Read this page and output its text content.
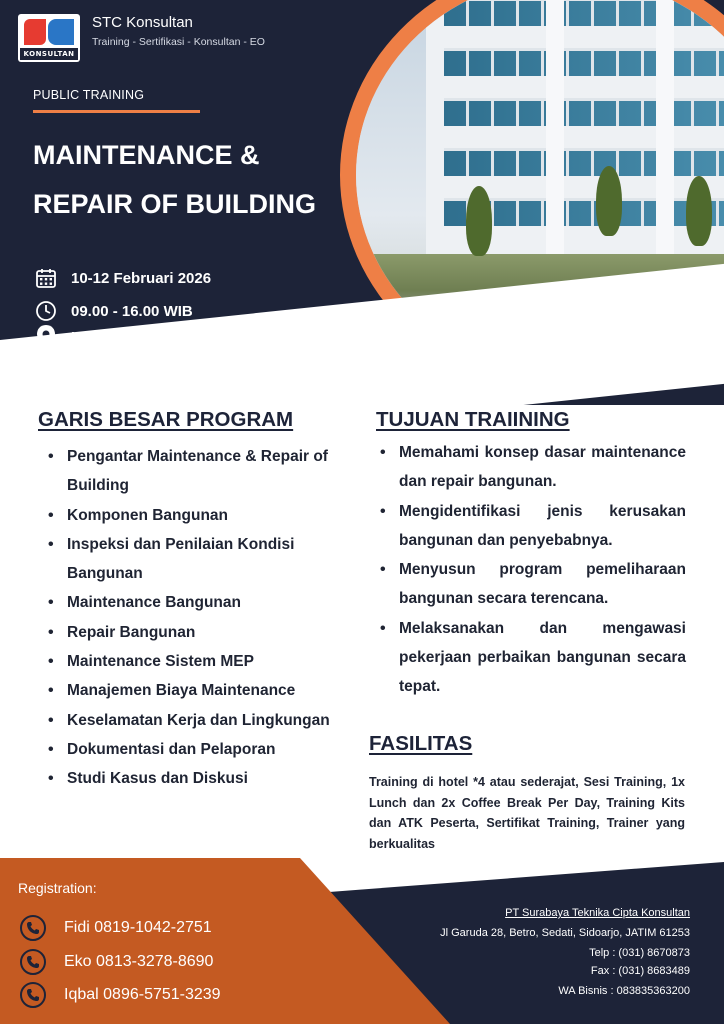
KONSULTAN
STC Konsultan
Training - Sertifikasi - Konsultan - EO
PUBLIC TRAINING
MAINTENANCE &
REPAIR OF BUILDING
10-12 Februari 2026
09.00 - 16.00 WIB
GARIS BESAR PROGRAM
• Pengantar Maintenance & Repair of Building
• Komponen Bangunan
• Inspeksi dan Penilaian Kondisi Bangunan
• Maintenance Bangunan
• Repair Bangunan
• Maintenance Sistem MEP
• Manajemen Biaya Maintenance
• Keselamatan Kerja dan Lingkungan
• Dokumentasi dan Pelaporan
• Studi Kasus dan Diskusi
TUJUAN TRAIINING
• Memahami konsep dasar maintenance dan repair bangunan.
• Mengidentifikasi jenis kerusakan bangunan dan penyebabnya.
• Menyusun program pemeliharaan bangunan secara terencana.
• Melaksanakan dan mengawasi pekerjaan perbaikan bangunan secara tepat.
FASILITAS
Training di hotel *4 atau sederajat, Sesi Training, 1x Lunch dan 2x Coffee Break Per Day, Training Kits dan ATK Peserta, Sertifikat Training, Trainer yang berkualitas
Registration:
Fidi 0819-1042-2751
Eko 0813-3278-8690
Iqbal 0896-5751-3239
PT Surabaya Teknika Cipta Konsultan
Jl Garuda 28, Betro, Sedati, Sidoarjo, JATIM 61253
Telp : (031) 8670873
Fax : (031) 8683489
WA Bisnis : 083835363200
